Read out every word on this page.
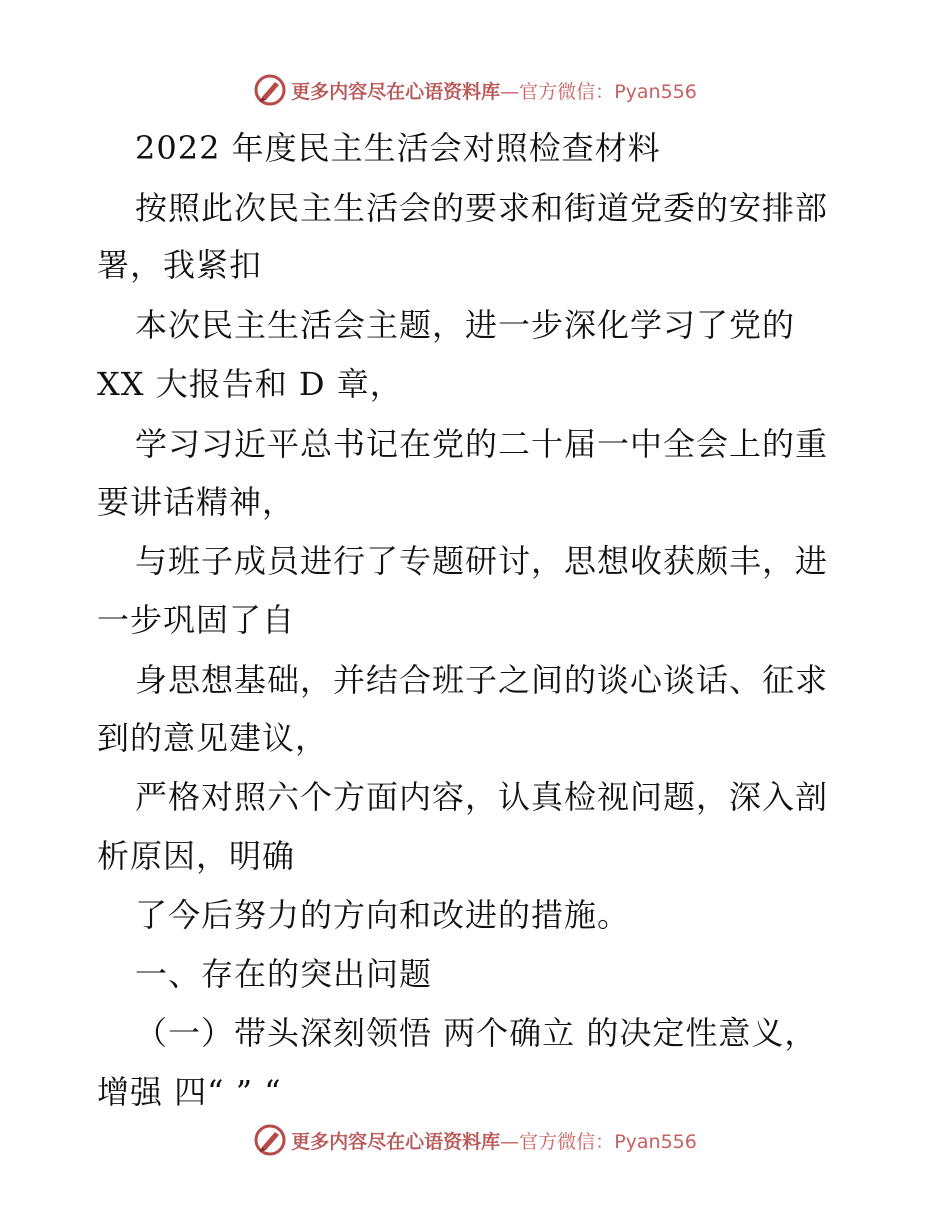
更多内容尽在心语资料库—官方微信：Pyan556
2022 年度民主生活会对照检查材料
按照此次民主生活会的要求和街道党委的安排部
署，我紧扣
本次民主生活会主题，进一步深化学习了党的
XX 大报告和 D 章，
学习习近平总书记在党的二十届一中全会上的重
要讲话精神，
与班子成员进行了专题研讨，思想收获颇丰，进
一步巩固了自
身思想基础，并结合班子之间的谈心谈话、征求
到的意见建议，
严格对照六个方面内容，认真检视问题，深入剖
析原因，明确
了今后努力的方向和改进的措施。
一、存在的突出问题
（一）带头深刻领悟 两个确立 的决定性意义，
增强 四“ ” “
更多内容尽在心语资料库—官方微信：Pyan556
